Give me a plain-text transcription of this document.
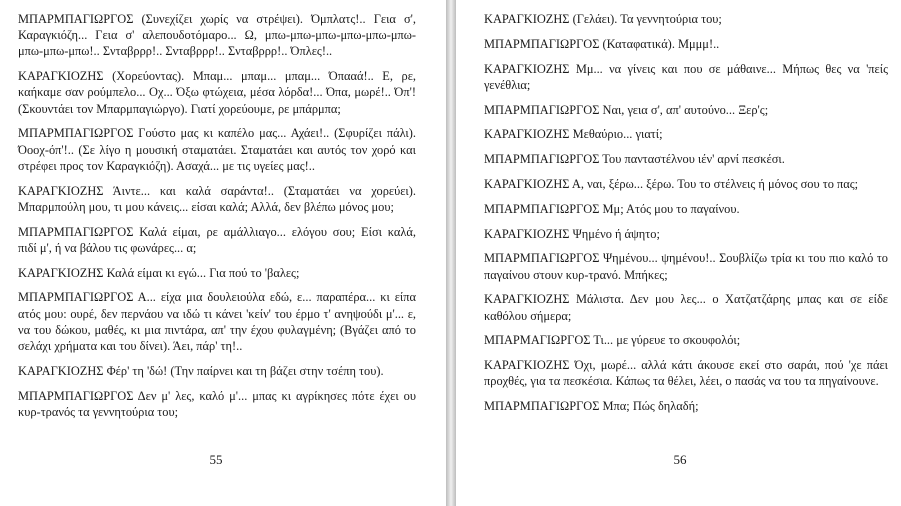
ΜΠΑΡΜΠΑΓΙΩΡΓΟΣ (Συνεχίζει χωρίς να στρέψει). Όμπλατς!.. Γεια σ', Καραγκιόζη... Γεια σ' αλεπουδοτόμαρο... Ω, μπω-μπω-μπω-μπω-μπω-μπω-μπω-μπω-μπω!.. Σνταβρρρ!.. Σνταβρρρ!.. Σνταβρρρ!.. Όπλες!..

ΚΑΡΑΓΚΙΟΖΗΣ (Χορεύοντας). Μπαμ... μπαμ... μπαμ... Όπααά!.. Ε, ρε, καήκαμε σαν ρούμπελο... Οχ... Όξω φτώχεια, μέσα λόρδα!... Όπα, μωρέ!.. Όπ'! (Σκουντάει τον Μπαρμπαγιώργο). Γιατί χορεύουμε, ρε μπάρμπα;

ΜΠΑΡΜΠΑΓΙΩΡΓΟΣ Γούστο μας κι καπέλο μας... Αχάει!.. (Σφυρίζει πάλι). Όοοχ-όπ'!.. (Σε λίγο η μουσική σταματάει. Σταματάει και αυτός τον χορό και στρέφει προς τον Καραγκιόζη). Ασαχά... με τις υγείες μας!..

ΚΑΡΑΓΚΙΟΖΗΣ Άιντε... και καλά σαράντα!.. (Σταματάει να χορεύει). Μπαρμπούλη μου, τι μου κάνεις... είσαι καλά; Αλλά, δεν βλέπω μόνος μου;

ΜΠΑΡΜΠΑΓΙΩΡΓΟΣ Καλά είμαι, ρε αμάλλιαγο... ελόγου σου; Είσι καλά, πιδί μ', ή να βάλου τις φωνάρες... α;

ΚΑΡΑΓΚΙΟΖΗΣ Καλά είμαι κι εγώ... Για πού το 'βαλες;

ΜΠΑΡΜΠΑΓΙΩΡΓΟΣ Α... είχα μια δουλειούλα εδώ, ε... παραπέρα... κι είπα ατός μου: ουρέ, δεν περνάου να ιδώ τι κάνει 'κείν' του έρμο τ' ανηψούδι μ'... ε, να του δώκου, μαθές, κι μια πιντάρα, απ' την έχου φυλαγμένη; (Βγάζει από το σελάχι χρήματα και του δίνει). Άει, πάρ' τη!..

ΚΑΡΑΓΚΙΟΖΗΣ Φέρ' τη 'δώ! (Την παίρνει και τη βάζει στην τσέπη του).

ΜΠΑΡΜΠΑΓΙΩΡΓΟΣ Δεν μ' λες, καλό μ'... μπας κι αγρίκησες πότε έχει ου κυρ-τρανός τα γεννητούρια του;

55

ΚΑΡΑΓΚΙΟΖΗΣ (Γελάει). Τα γεννητούρια του;

ΜΠΑΡΜΠΑΓΙΩΡΓΟΣ (Καταφατικά). Μμμμ!..

ΚΑΡΑΓΚΙΟΖΗΣ Μμ... να γίνεις και που σε μάθαινε... Μήπως θες να 'πείς γενέθλια;

ΜΠΑΡΜΠΑΓΙΩΡΓΟΣ Ναι, γεια σ', απ' αυτούνο... Ξερ'ς;

ΚΑΡΑΓΚΙΟΖΗΣ Μεθαύριο... γιατί;

ΜΠΑΡΜΠΑΓΙΩΡΓΟΣ Του πανταστέλνου ιέν' αρνί πεσκέσι.

ΚΑΡΑΓΚΙΟΖΗΣ Α, ναι, ξέρω... ξέρω. Του το στέλνεις ή μόνος σου το πας;

ΜΠΑΡΜΠΑΓΙΩΡΓΟΣ Μμ; Ατός μου το παγαίνου.

ΚΑΡΑΓΚΙΟΖΗΣ Ψημένο ή άψητο;

ΜΠΑΡΜΠΑΓΙΩΡΓΟΣ Ψημένου... ψημένου!.. Σουβλίζω τρία κι του πιο καλό το παγαίνου στουν κυρ-τρανό. Μπήκες;

ΚΑΡΑΓΚΙΟΖΗΣ Μάλιστα. Δεν μου λες... ο Χατζατζάρης μπας και σε είδε καθόλου σήμερα;

ΜΠΑΡΜΑΓΙΩΡΓΟΣ Τι... με γύρευε το σκουφολόι;

ΚΑΡΑΓΚΙΟΖΗΣ Όχι, μωρέ... αλλά κάτι άκουσε εκεί στο σαράι, πού 'χε πάει προχθές, για τα πεσκέσια. Κάπως τα θέλει, λέει, ο πασάς να του τα πηγαίνουνε.

ΜΠΑΡΜΠΑΓΙΩΡΓΟΣ Μπα; Πώς δηλαδή;

56
